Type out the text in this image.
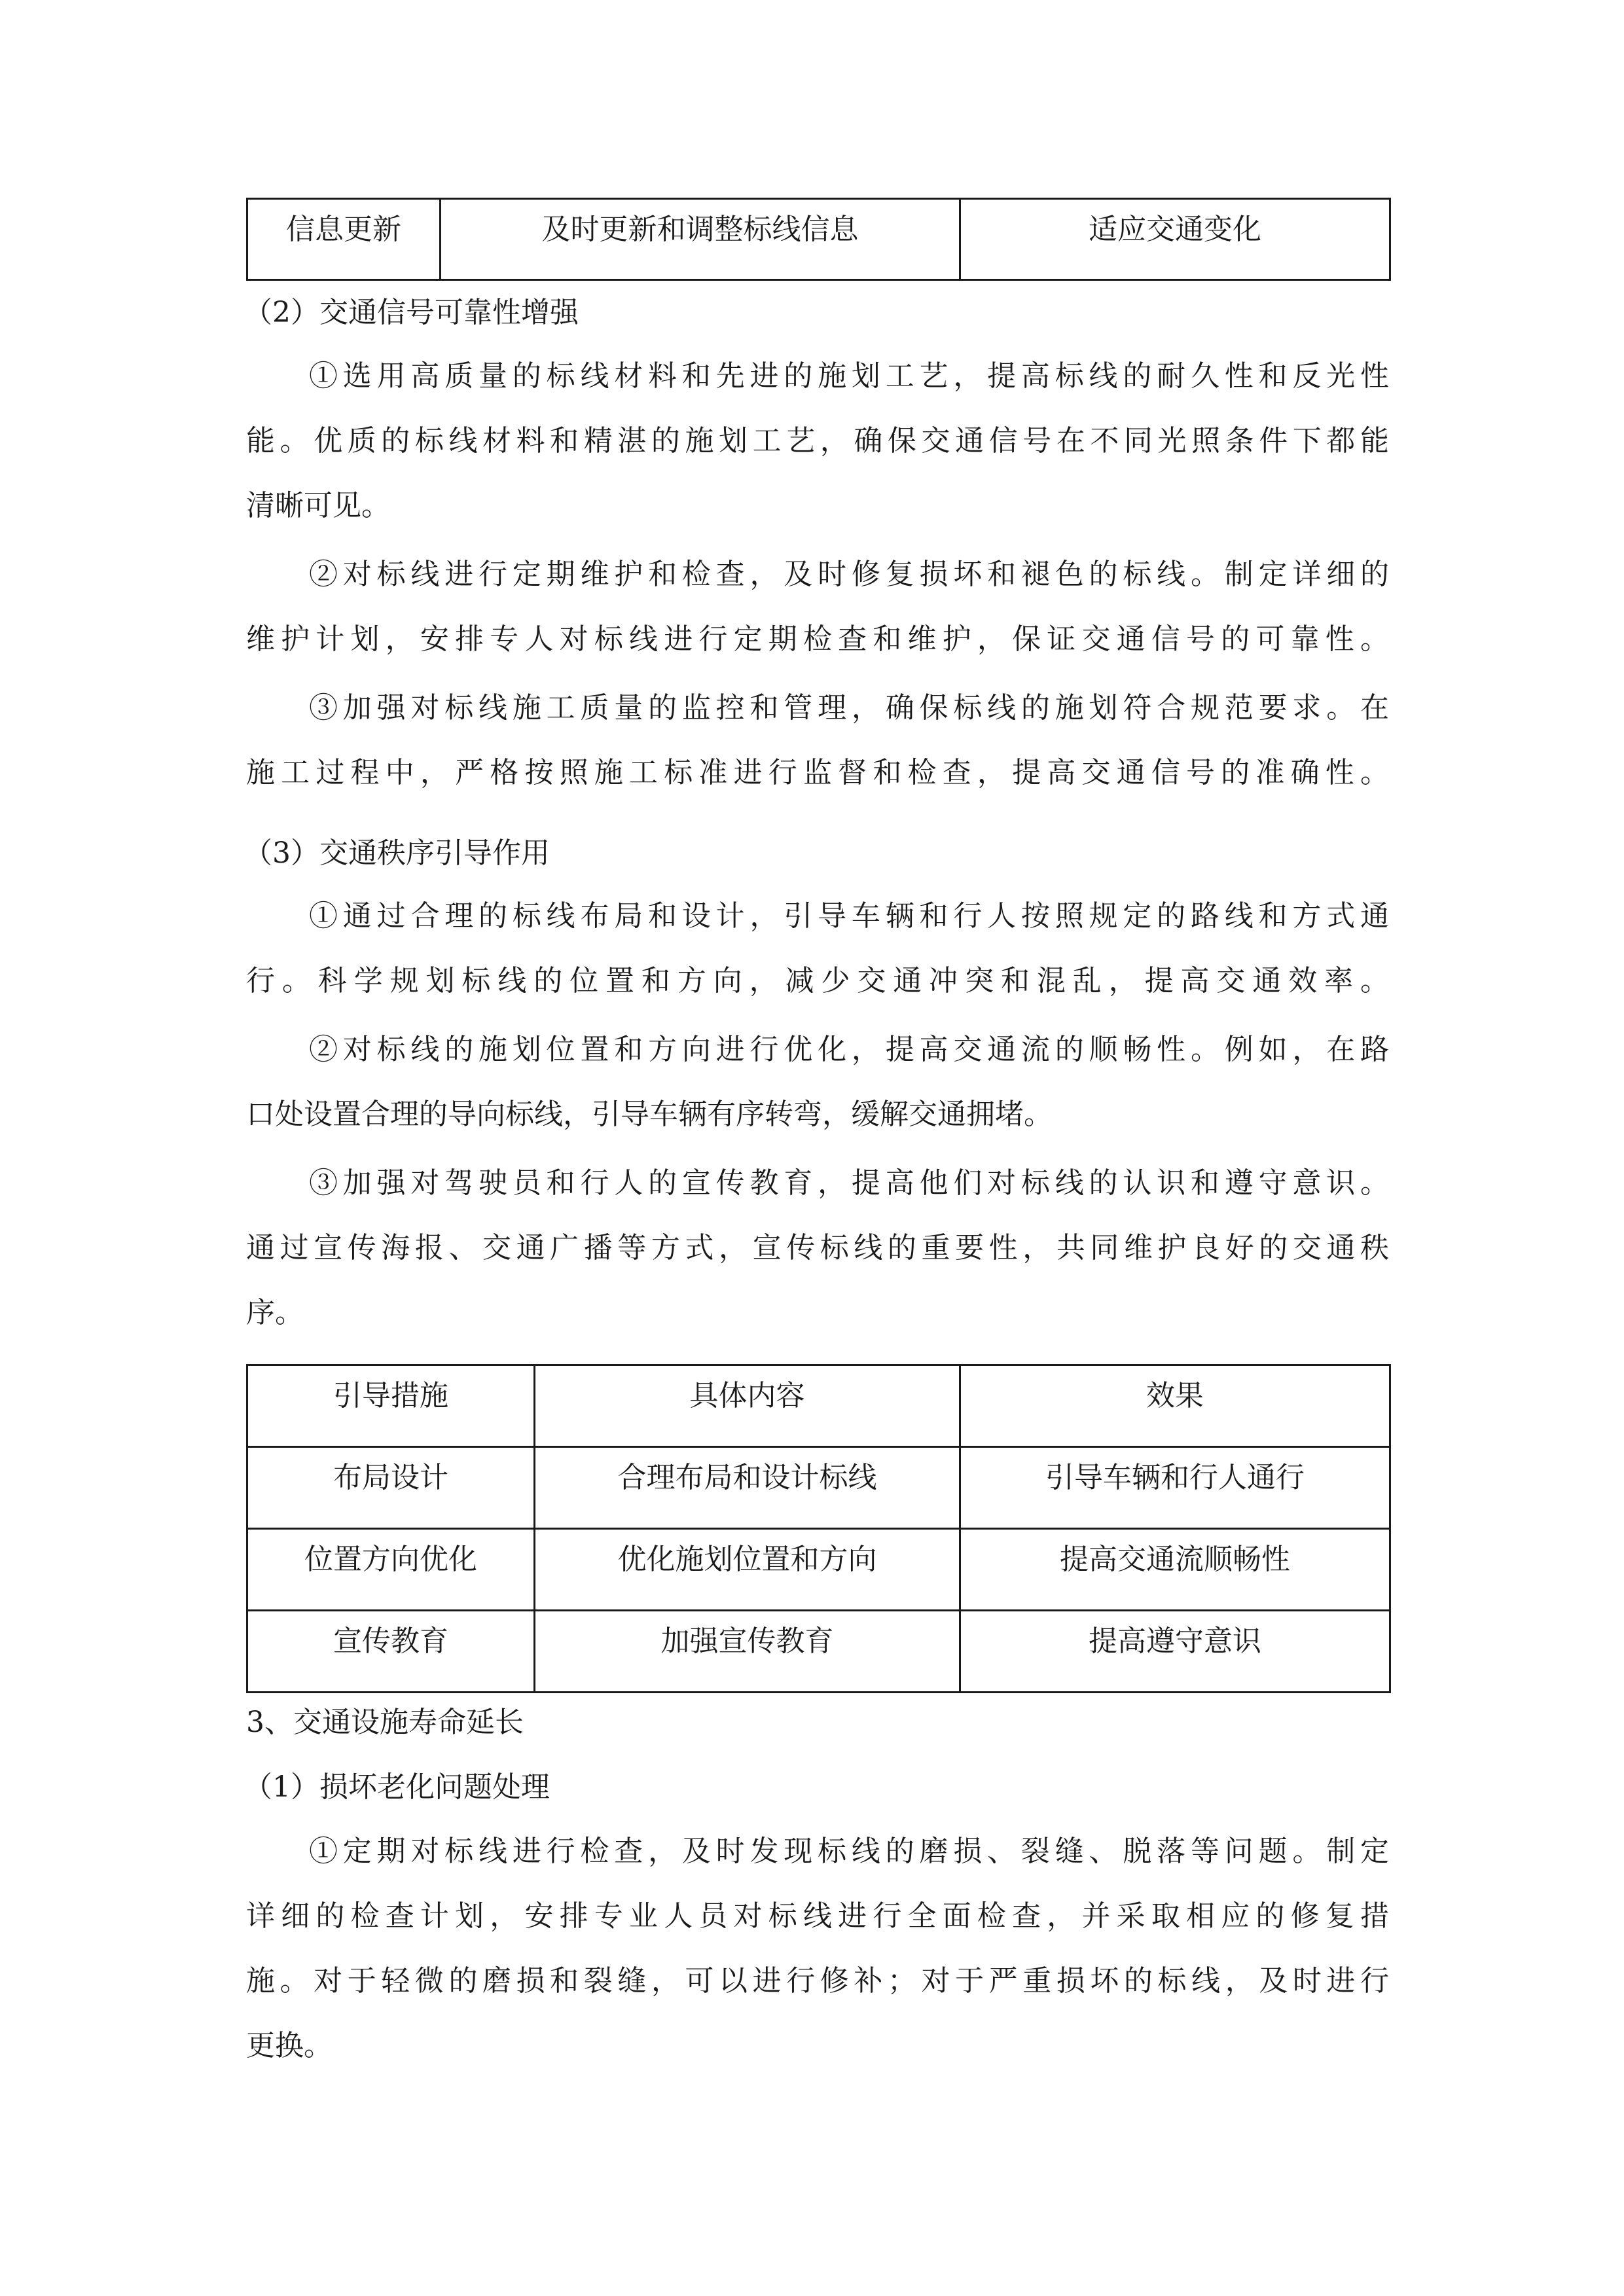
信息更新	及时更新和调整标线信息	适应交通变化
（2）交通信号可靠性增强
①选用高质量的标线材料和先进的施划工艺，提高标线的耐久性和反光性
能。优质的标线材料和精湛的施划工艺，确保交通信号在不同光照条件下都能
清晰可见。
②对标线进行定期维护和检查，及时修复损坏和褪色的标线。制定详细的
维护计划，安排专人对标线进行定期检查和维护，保证交通信号的可靠性。
③加强对标线施工质量的监控和管理，确保标线的施划符合规范要求。在
施工过程中，严格按照施工标准进行监督和检查，提高交通信号的准确性。
（3）交通秩序引导作用
①通过合理的标线布局和设计，引导车辆和行人按照规定的路线和方式通
行。科学规划标线的位置和方向，减少交通冲突和混乱，提高交通效率。
②对标线的施划位置和方向进行优化，提高交通流的顺畅性。例如，在路
口处设置合理的导向标线，引导车辆有序转弯，缓解交通拥堵。
③加强对驾驶员和行人的宣传教育，提高他们对标线的认识和遵守意识。
通过宣传海报、交通广播等方式，宣传标线的重要性，共同维护良好的交通秩
序。
引导措施	具体内容	效果
布局设计	合理布局和设计标线	引导车辆和行人通行
位置方向优化	优化施划位置和方向	提高交通流顺畅性
宣传教育	加强宣传教育	提高遵守意识
3、交通设施寿命延长
（1）损坏老化问题处理
①定期对标线进行检查，及时发现标线的磨损、裂缝、脱落等问题。制定
详细的检查计划，安排专业人员对标线进行全面检查，并采取相应的修复措
施。对于轻微的磨损和裂缝，可以进行修补；对于严重损坏的标线，及时进行
更换。
